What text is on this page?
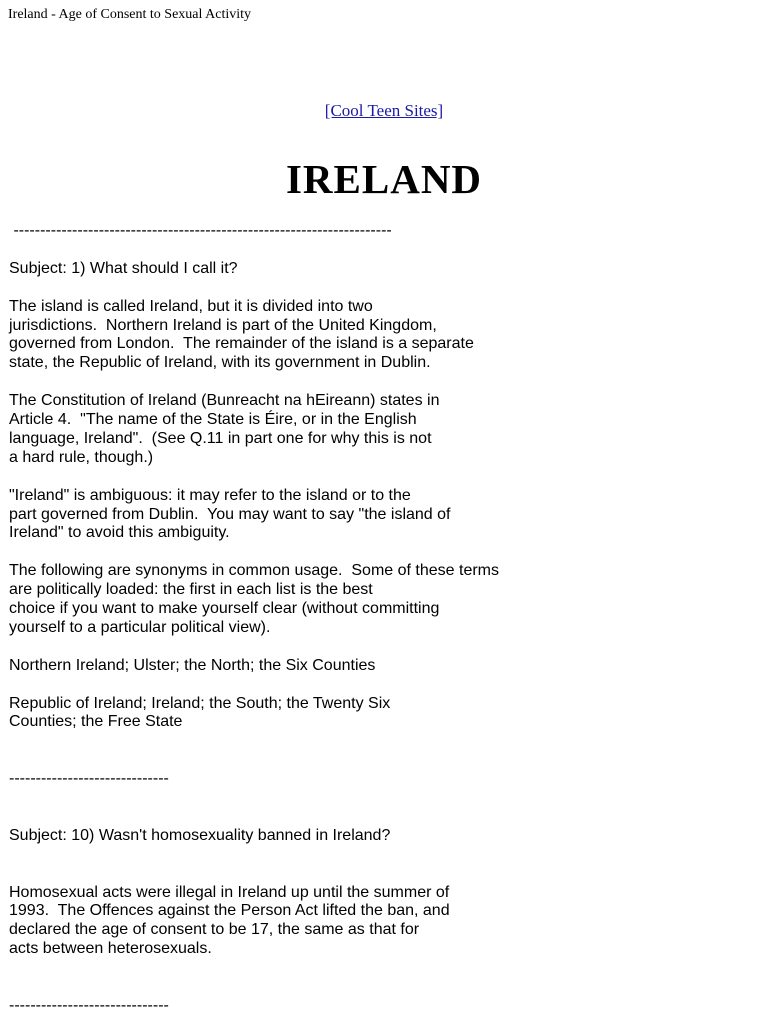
Ireland - Age of Consent to Sexual Activity
[Cool Teen Sites]
IRELAND
-----------------------------------------------------------------------
Subject: 1) What should I call it?
The island is called Ireland, but it is divided into two
jurisdictions.  Northern Ireland is part of the United Kingdom,
governed from London.  The remainder of the island is a separate
state, the Republic of Ireland, with its government in Dublin.
The Constitution of Ireland (Bunreacht na hEireann) states in
Article 4.  "The name of the State is Éire, or in the English
language, Ireland".  (See Q.11 in part one for why this is not
a hard rule, though.)
"Ireland" is ambiguous: it may refer to the island or to the
part governed from Dublin.  You may want to say "the island of
Ireland" to avoid this ambiguity.
The following are synonyms in common usage.  Some of these terms
are politically loaded: the first in each list is the best
choice if you want to make yourself clear (without committing
yourself to a particular political view).
Northern Ireland; Ulster; the North; the Six Counties
Republic of Ireland; Ireland; the South; the Twenty Six
Counties; the Free State
------------------------------
Subject: 10) Wasn't homosexuality banned in Ireland?
Homosexual acts were illegal in Ireland up until the summer of
1993.  The Offences against the Person Act lifted the ban, and
declared the age of consent to be 17, the same as that for
acts between heterosexuals.
------------------------------
